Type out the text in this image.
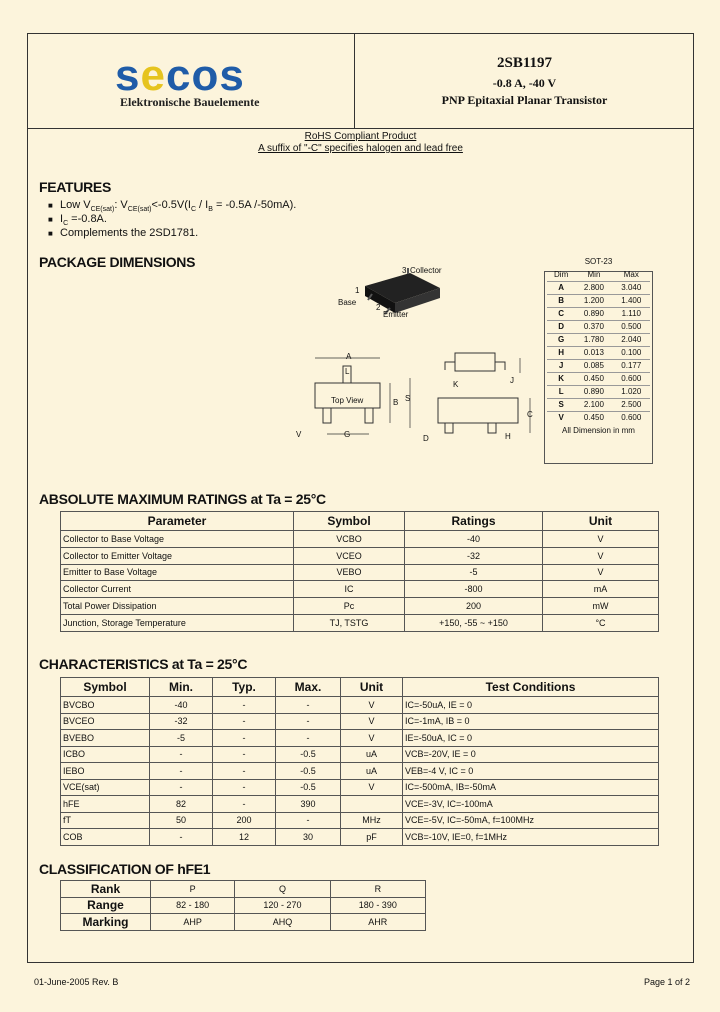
secos
Elektronische Bauelemente
2SB1197
-0.8 A, -40 V
PNP Epitaxial Planar Transistor
RoHS Compliant Product
A suffix of "-C" specifies halogen and lead free
FEATURES
■ Low $V_{CE(sat)}$: $V_{CE(sat)}<-0.5V(I_C / I_B = -0.5A$ /-50mA).
■ $I_C =-0.8A$.
■ Complements the 2SD1781.
PACKAGE DIMENSIONS
3 Collector
1
Base
2
Emitter
Top View
A
B S
G
V
L
K	J
C
D	H
SOT-23		
Dim	Min	Max
A	2.800	3.040
B	1.200	1.400
C	0.890	1.110
D	0.370	0.500
G	1.780	2.040
H	0.013	0.100
J	0.085	0.177
K	0.450	0.600
L	0.890	1.020
S	2.100	2.500
V	0.450	0.600
All Dimension in mm		
ABSOLUTE MAXIMUM RATINGS at Ta = 25°C
Parameter	Symbol	Ratings	Unit
Collector to Base Voltage	VCBO	-40	V
Collector to Emitter Voltage	VCEO	-32	V
Emitter to Base Voltage	VEBO	-5	V
Collector Current	IC	-800	mA
Total Power Dissipation	Pc	200	mW
Junction, Storage Temperature	TJ, TSTG	+150, -55 ~ +150	°C
CHARACTERISTICS at Ta = 25°C
Symbol	Min.	Typ.	Max.	Unit	Test Conditions
BVCBO	-40	-	-	V	IC=-50uA, IE = 0
BVCEO	-32	-	-	V	IC=-1mA, IB = 0
BVEBO	-5	-	-	V	IE=-50uA, IC = 0
ICBO	-	-	-0.5	uA	VCB=-20V, IE = 0
IEBO	-	-	-0.5	uA	VEB=-4 V, IC = 0
VCE(sat)	-	-	-0.5	V	IC=-500mA, IB=-50mA
hFE	82	-	390		VCE=-3V, IC=-100mA
fT	50	200	-	MHz	VCE=-5V, IC=-50mA, f=100MHz
COB	-	12	30	pF	VCB=-10V, IE=0, f=1MHz
CLASSIFICATION OF hFE1
Rank	P	Q	R
Range	82 - 180	120 - 270	180 - 390
Marking	AHP	AHQ	AHR
01-June-2005 Rev. B	Page 1 of 2
